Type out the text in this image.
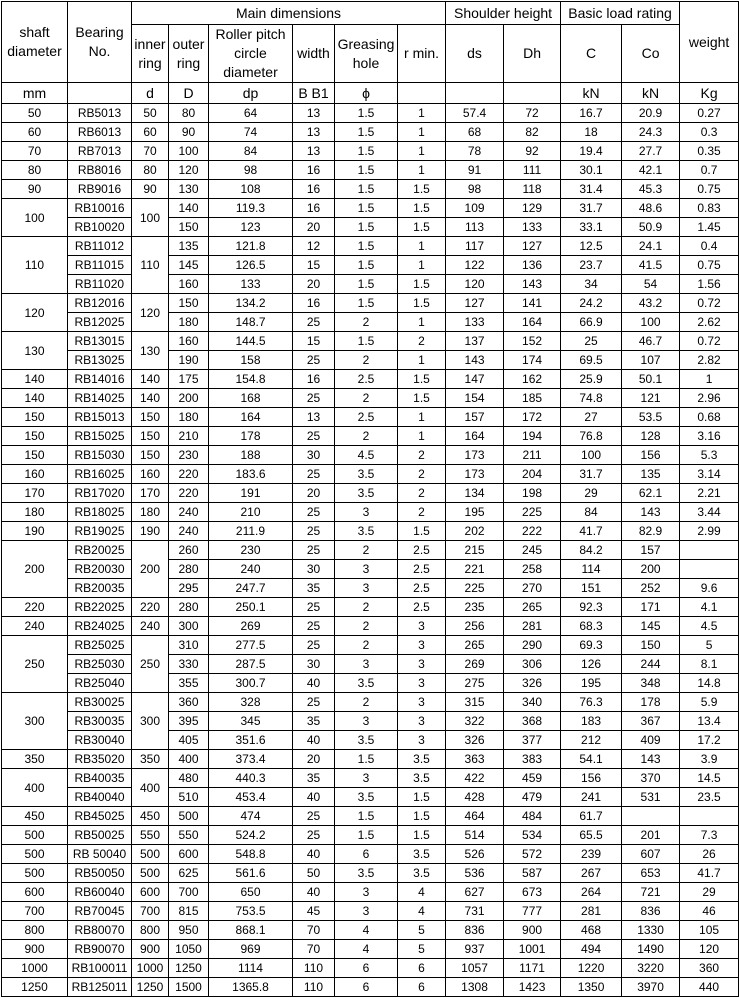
shaft diameter	Bearing No.	Main dimensions						Shoulder height		Basic load rating		weight
		inner ring	outer ring	Roller pitch circle diameter	width	Greasing hole	r min.	ds	Dh	C	Co	
mm		d	D	dp	B B1	ϕ				kN	kN	Kg
50	RB5013	50	80	64	13	1.5	1	57.4	72	16.7	20.9	0.27
60	RB6013	60	90	74	13	1.5	1	68	82	18	24.3	0.3
70	RB7013	70	100	84	13	1.5	1	78	92	19.4	27.7	0.35
80	RB8016	80	120	98	16	1.5	1	91	111	30.1	42.1	0.7
90	RB9016	90	130	108	16	1.5	1.5	98	118	31.4	45.3	0.75
100	RB10016	100	140	119.3	16	1.5	1.5	109	129	31.7	48.6	0.83
	RB10020		150	123	20	1.5	1.5	113	133	33.1	50.9	1.45
110	RB11012	110	135	121.8	12	1.5	1	117	127	12.5	24.1	0.4
	RB11015		145	126.5	15	1.5	1	122	136	23.7	41.5	0.75
	RB11020		160	133	20	1.5	1.5	120	143	34	54	1.56
120	RB12016	120	150	134.2	16	1.5	1.5	127	141	24.2	43.2	0.72
	RB12025		180	148.7	25	2	1	133	164	66.9	100	2.62
130	RB13015	130	160	144.5	15	1.5	2	137	152	25	46.7	0.72
	RB13025		190	158	25	2	1	143	174	69.5	107	2.82
140	RB14016	140	175	154.8	16	2.5	1.5	147	162	25.9	50.1	1
140	RB14025	140	200	168	25	2	1.5	154	185	74.8	121	2.96
150	RB15013	150	180	164	13	2.5	1	157	172	27	53.5	0.68
150	RB15025	150	210	178	25	2	1	164	194	76.8	128	3.16
150	RB15030	150	230	188	30	4.5	2	173	211	100	156	5.3
160	RB16025	160	220	183.6	25	3.5	2	173	204	31.7	135	3.14
170	RB17020	170	220	191	20	3.5	2	134	198	29	62.1	2.21
180	RB18025	180	240	210	25	3	2	195	225	84	143	3.44
190	RB19025	190	240	211.9	25	3.5	1.5	202	222	41.7	82.9	2.99
200	RB20025	200	260	230	25	2	2.5	215	245	84.2	157	
	RB20030		280	240	30	3	2.5	221	258	114	200	
	RB20035		295	247.7	35	3	2.5	225	270	151	252	9.6
220	RB22025	220	280	250.1	25	2	2.5	235	265	92.3	171	4.1
240	RB24025	240	300	269	25	2	3	256	281	68.3	145	4.5
250	RB25025	250	310	277.5	25	2	3	265	290	69.3	150	5
	RB25030		330	287.5	30	3	3	269	306	126	244	8.1
	RB25040		355	300.7	40	3.5	3	275	326	195	348	14.8
300	RB30025	300	360	328	25	2	3	315	340	76.3	178	5.9
	RB30035		395	345	35	3	3	322	368	183	367	13.4
	RB30040		405	351.6	40	3.5	3	326	377	212	409	17.2
350	RB35020	350	400	373.4	20	1.5	3.5	363	383	54.1	143	3.9
400	RB40035	400	480	440.3	35	3	3.5	422	459	156	370	14.5
	RB40040		510	453.4	40	3.5	1.5	428	479	241	531	23.5
450	RB45025	450	500	474	25	1.5	1.5	464	484	61.7		
500	RB50025	550	550	524.2	25	1.5	1.5	514	534	65.5	201	7.3
500	RB 50040	500	600	548.8	40	6	3.5	526	572	239	607	26
500	RB50050	500	625	561.6	50	3.5	3.5	536	587	267	653	41.7
600	RB60040	600	700	650	40	3	4	627	673	264	721	29
700	RB70045	700	815	753.5	45	3	4	731	777	281	836	46
800	RB80070	800	950	868.1	70	4	5	836	900	468	1330	105
900	RB90070	900	1050	969	70	4	5	937	1001	494	1490	120
1000	RB100011	1000	1250	1114	110	6	6	1057	1171	1220	3220	360
1250	RB125011	1250	1500	1365.8	110	6	6	1308	1423	1350	3970	440
